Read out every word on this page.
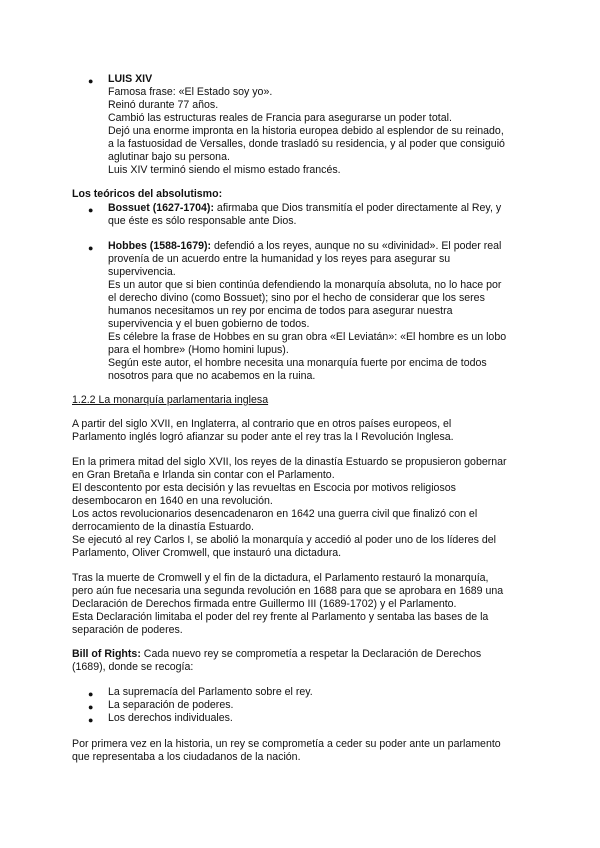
● LUIS XIV
Famosa frase: «El Estado soy yo».
Reinó durante 77 años.
Cambió las estructuras reales de Francia para asegurarse un poder total.
Dejó una enorme impronta en la historia europea debido al esplendor de su reinado,
a la fastuosidad de Versalles, donde trasladó su residencia, y al poder que consiguió
aglutinar bajo su persona.
Luis XIV terminó siendo el mismo estado francés.
Los teóricos del absolutismo:
● Bossuet (1627-1704): afirmaba que Dios transmitía el poder directamente al Rey, y
que éste es sólo responsable ante Dios.
● Hobbes (1588-1679): defendió a los reyes, aunque no su «divinidad». El poder real
provenía de un acuerdo entre la humanidad y los reyes para asegurar su
supervivencia.
Es un autor que si bien continúa defendiendo la monarquía absoluta, no lo hace por
el derecho divino (como Bossuet); sino por el hecho de considerar que los seres
humanos necesitamos un rey por encima de todos para asegurar nuestra
supervivencia y el buen gobierno de todos.
Es célebre la frase de Hobbes en su gran obra «El Leviatán»: «El hombre es un lobo
para el hombre» (Homo homini lupus).
Según este autor, el hombre necesita una monarquía fuerte por encima de todos
nosotros para que no acabemos en la ruina.
1.2.2 La monarquía parlamentaria inglesa
A partir del siglo XVII, en Inglaterra, al contrario que en otros países europeos, el
Parlamento inglés logró afianzar su poder ante el rey tras la I Revolución Inglesa.
En la primera mitad del siglo XVII, los reyes de la dinastía Estuardo se propusieron gobernar
en Gran Bretaña e Irlanda sin contar con el Parlamento.
El descontento por esta decisión y las revueltas en Escocia por motivos religiosos
desembocaron en 1640 en una revolución.
Los actos revolucionarios desencadenaron en 1642 una guerra civil que finalizó con el
derrocamiento de la dinastía Estuardo.
Se ejecutó al rey Carlos I, se abolió la monarquía y accedió al poder uno de los líderes del
Parlamento, Oliver Cromwell, que instauró una dictadura.
Tras la muerte de Cromwell y el fin de la dictadura, el Parlamento restauró la monarquía,
pero aún fue necesaria una segunda revolución en 1688 para que se aprobara en 1689 una
Declaración de Derechos firmada entre Guillermo III (1689-1702) y el Parlamento.
Esta Declaración limitaba el poder del rey frente al Parlamento y sentaba las bases de la
separación de poderes.
Bill of Rights: Cada nuevo rey se comprometía a respetar la Declaración de Derechos
(1689), donde se recogía:
● La supremacía del Parlamento sobre el rey.
● La separación de poderes.
● Los derechos individuales.
Por primera vez en la historia, un rey se comprometía a ceder su poder ante un parlamento
que representaba a los ciudadanos de la nación.
